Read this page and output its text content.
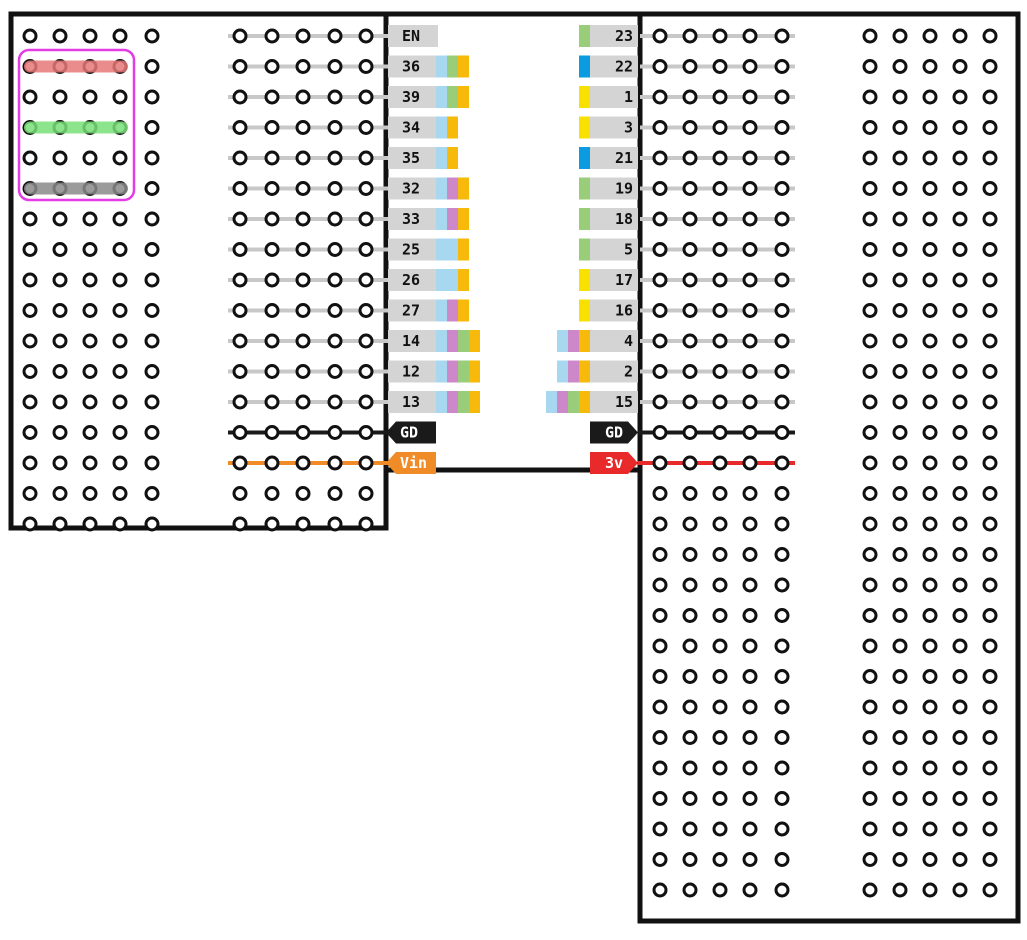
EN
36
39
34
35
32
33
25
26
27
14
12
13
23
22
1
3
21
19
18
5
17
16
4
2
15
GD
Vin
GD
3v
